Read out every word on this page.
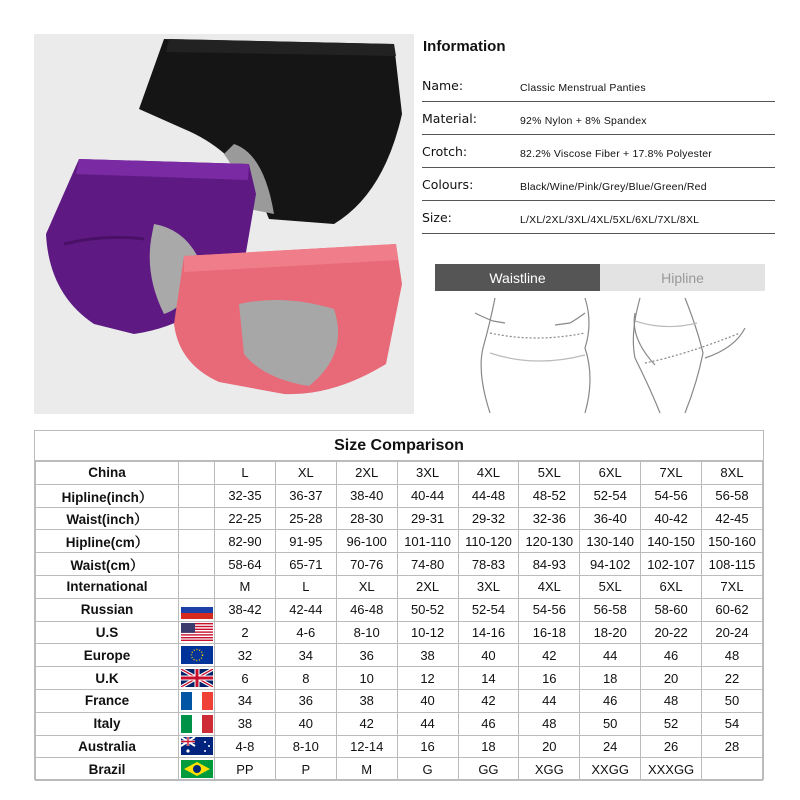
Information
Name:	Classic Menstrual Panties
Material:	92% Nylon + 8% Spandex
Crotch:	82.2% Viscose Fiber + 17.8% Polyester
Colours:	Black/Wine/Pink/Grey/Blue/Green/Red
Size:	L/XL/2XL/3XL/4XL/5XL/6XL/7XL/8XL
Waistline	Hipline
Size Comparison
China		L	XL	2XL	3XL	4XL	5XL	6XL	7XL	8XL
Hipline(inch）		32-35	36-37	38-40	40-44	44-48	48-52	52-54	54-56	56-58
Waist(inch）		22-25	25-28	28-30	29-31	29-32	32-36	36-40	40-42	42-45
Hipline(cm）		82-90	91-95	96-100	101-110	110-120	120-130	130-140	140-150	150-160
Waist(cm）		58-64	65-71	70-76	74-80	78-83	84-93	94-102	102-107	108-115
International		M	L	XL	2XL	3XL	4XL	5XL	6XL	7XL
Russian		38-42	42-44	46-48	50-52	52-54	54-56	56-58	58-60	60-62
U.S		2	4-6	8-10	10-12	14-16	16-18	18-20	20-22	20-24
Europe		32	34	36	38	40	42	44	46	48
U.K		6	8	10	12	14	16	18	20	22
France		34	36	38	40	42	44	46	48	50
Italy		38	40	42	44	46	48	50	52	54
Australia		4-8	8-10	12-14	16	18	20	24	26	28
Brazil		PP	P	M	G	GG	XGG	XXGG	XXXGG	
